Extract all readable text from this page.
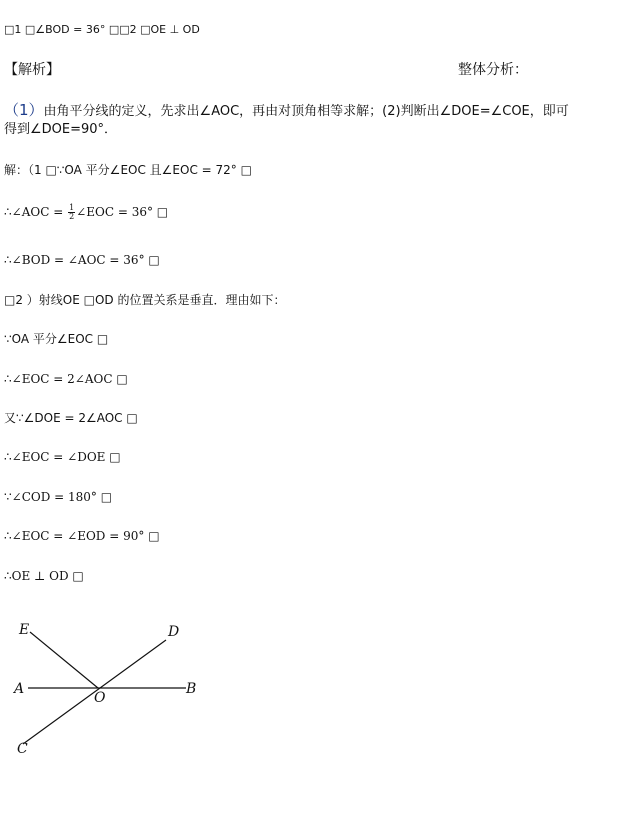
□1 □∠BOD = 36° □□2 □OE ⊥ OD
【解析】	整体分析：
（1）由角平分线的定义，先求出∠AOC，再由对顶角相等求解；(2)判断出∠DOE=∠COE，即可
得到∠DOE=90°．
解：（1 □∵OA 平分∠EOC 且∠EOC = 72° □
∴∠AOC = $\frac{1}{2}$ ∠EOC = 36° □
∴∠BOD = ∠AOC = 36° □
□2 ）射线OE □OD 的位置关系是垂直．理由如下：
∵OA 平分∠EOC □
∴∠EOC = 2∠AOC □
又∵∠DOE = 2∠AOC □
∴∠EOC = ∠DOE □
∵∠COD = 180° □
∴∠EOC = ∠EOD = 90° □
∴OE ⊥ OD □
E	D
A
O
B
C
